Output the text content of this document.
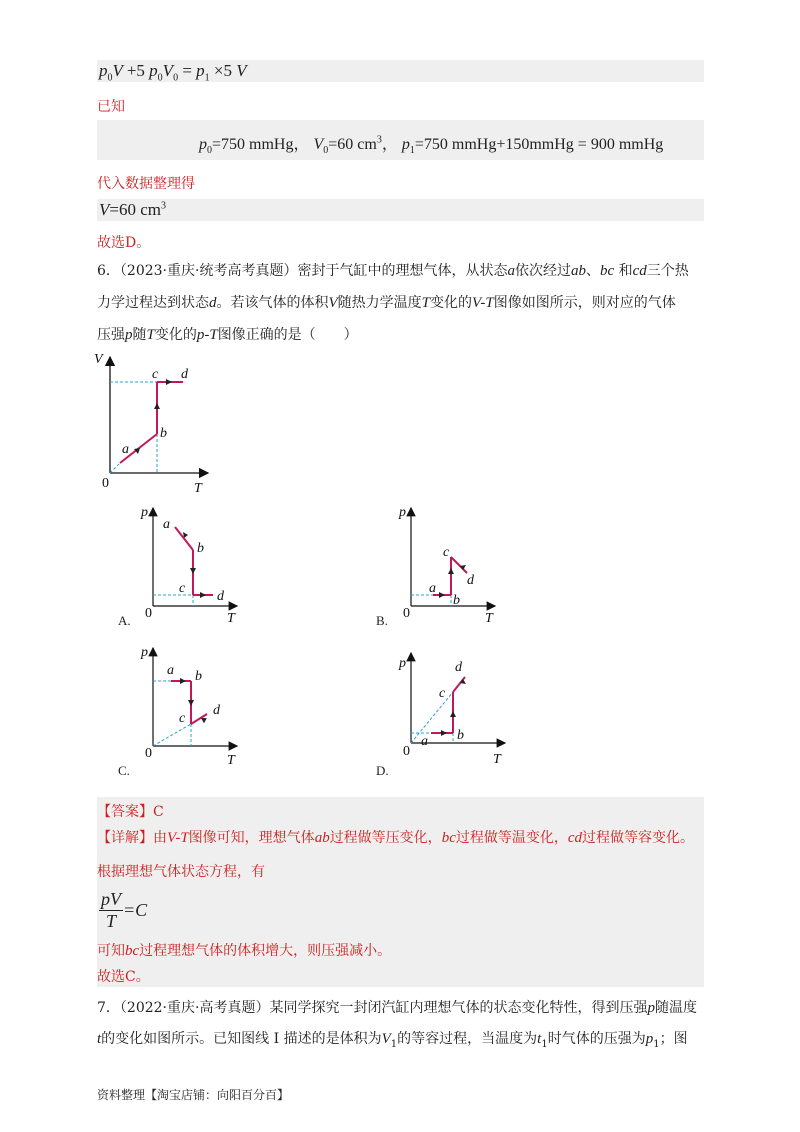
$p_0V +5$ $p_0V_0 = p_1 \times 5$ V
已知
$p_0=750$ mmHg， $V_0=60$ $cm^3$， $p_1=750$ mmHg+150mmHg = 900 mmHg
代入数据整理得
V=60 $cm^3$
故选D。
6．（2023·重庆·统考高考真题）密封于气缸中的理想气体，从状态a依次经过ab、bc 和cd三个热
力学过程达到状态d。若该气体的体积V随热力学温度T变化的V-T图像如图所示，则对应的气体
压强p随T变化的p-T图像正确的是（　　）
V
T
0
a
b
c d
p
T
0
a
b
c
d
A.
p
T
0
a
b
c
d
B.
p
T
0
a b
c
d
C.
p
T
0
a b
c
d
D.
【答案】C
【详解】由V-T图像可知，理想气体ab过程做等压变化，bc过程做等温变化，cd过程做等容变化。
根据理想气体状态方程，有
$\frac{pV}{T} =C$
可知bc过程理想气体的体积增大，则压强减小。
故选C。
7．（2022·重庆·高考真题）某同学探究一封闭汽缸内理想气体的状态变化特性，得到压强p随温度
t的变化如图所示。已知图线 I 描述的是体积为$V_1$的等容过程，当温度为$t_1$时气体的压强为$p_1$；图
资料整理【淘宝店铺：向阳百分百】
